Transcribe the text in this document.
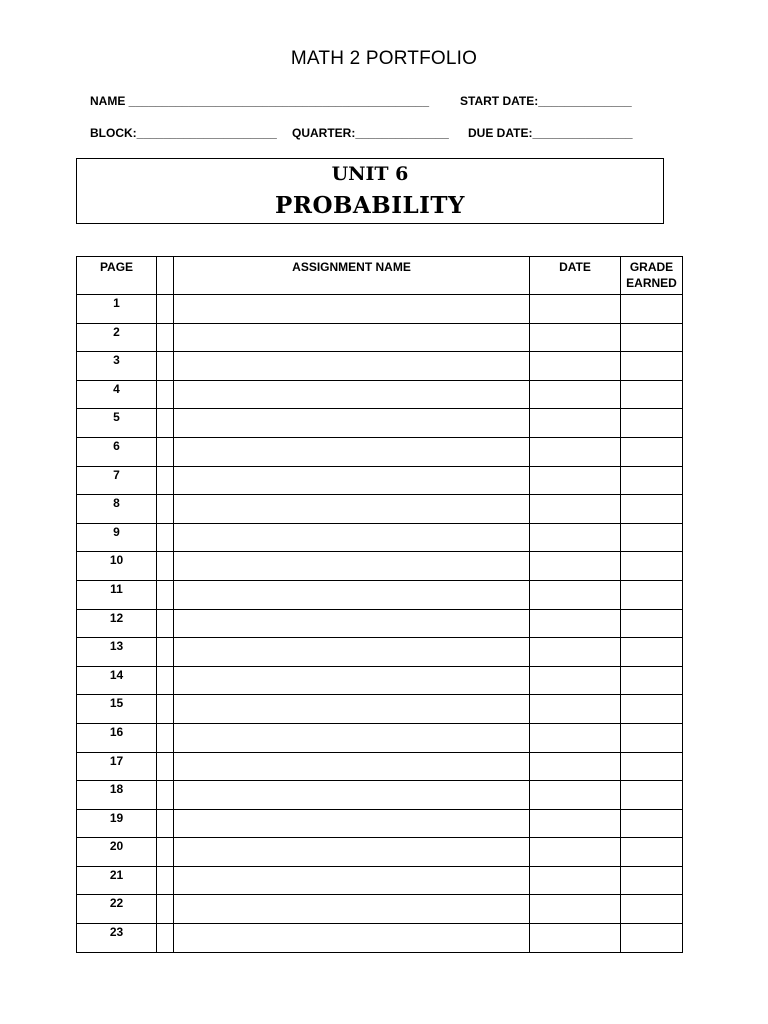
MATH 2 PORTFOLIO
NAME _____________________________________________	START DATE:______________
BLOCK:_____________________ QUARTER:______________ DUE DATE:_______________
UNIT 6
PROBABILITY
PAGE		ASSIGNMENT NAME	DATE	GRADE
EARNED

1				
2				
3				
4				
5				
6				
7				
8				
9				
10				
11				
12				
13				
14				
15				
16				
17				
18				
19				
20				
21				
22				
23				
